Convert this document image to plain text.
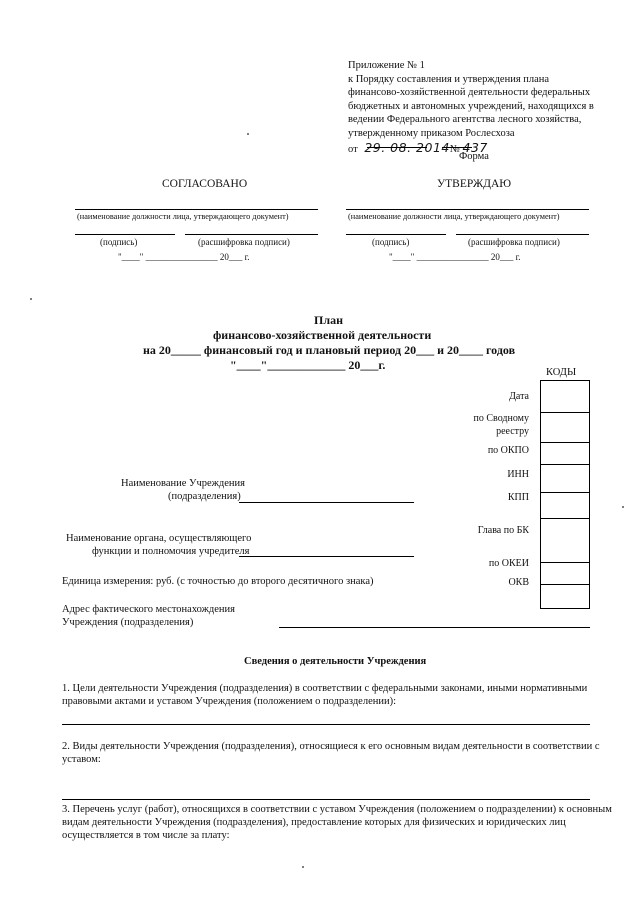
Приложение № 1
к Порядку составления и утверждения плана
финансово-хозяйственной деятельности федеральных
бюджетных и автономных учреждений, находящихся в
ведении Федерального агентства лесного хозяйства,
утвержденному приказом Рослесхоза
от 29. 08. 2014№ 437
Форма
СОГЛАСОВАНО
(наименование должности лица, утверждающего документ)
(подпись)	(расшифровка подписи)
"____" ________________ 20___ г.
УТВЕРЖДАЮ
(наименование должности лица, утверждающего документ)
(подпись)	(расшифровка подписи)
"____" ________________ 20___ г.
План
финансово-хозяйственной деятельности
на 20_____ финансовый год и плановый период 20___ и 20____ годов
"____"_____________ 20___г.
КОДЫ
Дата
по Сводному
реестру
по ОКПО
ИНН
КПП
Глава по БК
по ОКЕИ
ОКВ
Наименование Учреждения
(подразделения)
Наименование органа, осуществляющего
функции и полномочия учредителя
Единица измерения: руб. (с точностью до второго десятичного знака)
Адрес фактического местонахождения
Учреждения (подразделения)
Сведения о деятельности Учреждения
1. Цели деятельности Учреждения (подразделения) в соответствии с федеральными законами, иными нормативными
правовыми актами и уставом Учреждения (положением о подразделении):
2. Виды деятельности Учреждения (подразделения), относящиеся к его основным видам деятельности в соответствии с
уставом:
3. Перечень услуг (работ), относящихся в соответствии с уставом Учреждения (положением о подразделении) к основным
видам деятельности Учреждения (подразделения), предоставление которых для физических и юридических лиц
осуществляется в том числе за плату:
